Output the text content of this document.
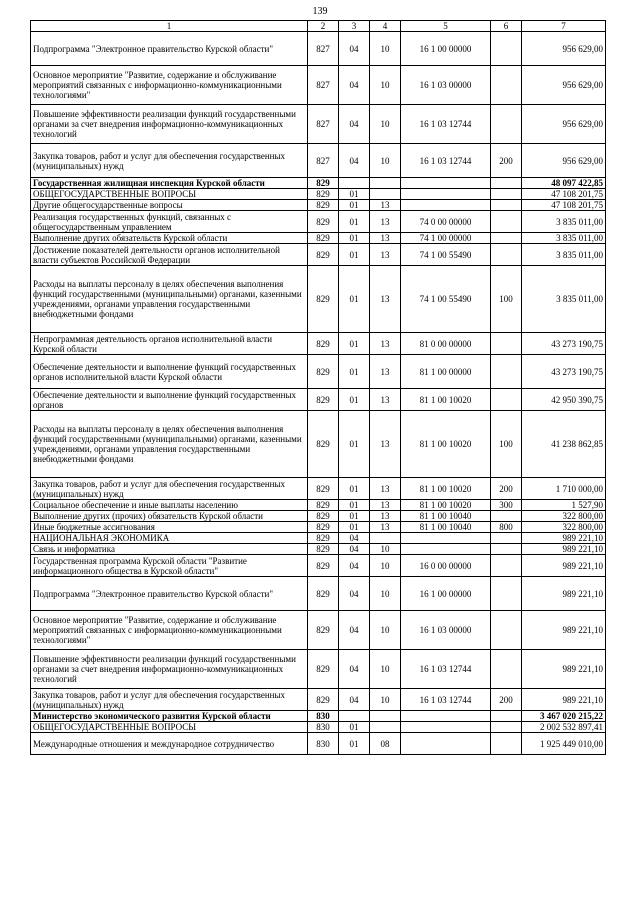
139
1	2	3	4	5	6	7
Подпрограмма "Электронное правительство Курской области"	827	04	10	16 1 00 00000		956 629,00
Основное мероприятие "Развитие, содержание и обслуживание мероприятий связанных с информационно-коммуникационными технологиями"	827	04	10	16 1 03 00000		956 629,00
Повышение эффективности реализации функций государственными органами за счет внедрения информационно-коммуникационных технологий	827	04	10	16 1 03 12744		956 629,00
Закупка товаров, работ и услуг для обеспечения государственных (муниципальных) нужд	827	04	10	16 1 03 12744	200	956 629,00
Государственная жилищная инспекция Курской области	829					48 097 422,85
ОБЩЕГОСУДАРСТВЕННЫЕ ВОПРОСЫ	829	01				47 108 201,75
Другие общегосударственные вопросы	829	01	13			47 108 201,75
Реализация государственных функций, связанных с общегосударственным управлением	829	01	13	74 0 00 00000		3 835 011,00
Выполнение других обязательств Курской области	829	01	13	74 1 00 00000		3 835 011,00
Достижение показателей деятельности органов исполнительной власти субъектов Российской Федерации	829	01	13	74 1 00 55490		3 835 011,00
Расходы на выплаты персоналу в целях обеспечения выполнения функций государственными (муниципальными) органами, казенными учреждениями, органами управления государственными внебюджетными фондами	829	01	13	74 1 00 55490	100	3 835 011,00
Непрограммная деятельность органов исполнительной власти Курской области	829	01	13	81 0 00 00000		43 273 190,75
Обеспечение деятельности и выполнение функций государственных органов исполнительной власти Курской области	829	01	13	81 1 00 00000		43 273 190,75
Обеспечение деятельности и выполнение функций государственных органов	829	01	13	81 1 00 10020		42 950 390,75
Расходы на выплаты персоналу в целях обеспечения выполнения функций государственными (муниципальными) органами, казенными учреждениями, органами управления государственными внебюджетными фондами	829	01	13	81 1 00 10020	100	41 238 862,85
Закупка товаров, работ и услуг для обеспечения государственных (муниципальных) нужд	829	01	13	81 1 00 10020	200	1 710 000,00
Социальное обеспечение и иные выплаты населению	829	01	13	81 1 00 10020	300	1 527,90
Выполнение других (прочих) обязательств Курской области	829	01	13	81 1 00 10040		322 800,00
Иные бюджетные ассигнования	829	01	13	81 1 00 10040	800	322 800,00
НАЦИОНАЛЬНАЯ ЭКОНОМИКА	829	04				989 221,10
Связь и информатика	829	04	10			989 221,10
Государственная программа Курской области "Развитие информационного общества в Курской области"	829	04	10	16 0 00 00000		989 221,10
Подпрограмма "Электронное правительство Курской области"	829	04	10	16 1 00 00000		989 221,10
Основное мероприятие "Развитие, содержание и обслуживание мероприятий связанных с информационно-коммуникационными технологиями"	829	04	10	16 1 03 00000		989 221,10
Повышение эффективности реализации функций государственными органами за счет внедрения информационно-коммуникационных технологий	829	04	10	16 1 03 12744		989 221,10
Закупка товаров, работ и услуг для обеспечения государственных (муниципальных) нужд	829	04	10	16 1 03 12744	200	989 221,10
Министерство экономического развития Курской области	830					3 467 020 215,22
ОБЩЕГОСУДАРСТВЕННЫЕ ВОПРОСЫ	830	01				2 002 532 897,41
Международные отношения и международное сотрудничество	830	01	08			1 925 449 010,00
